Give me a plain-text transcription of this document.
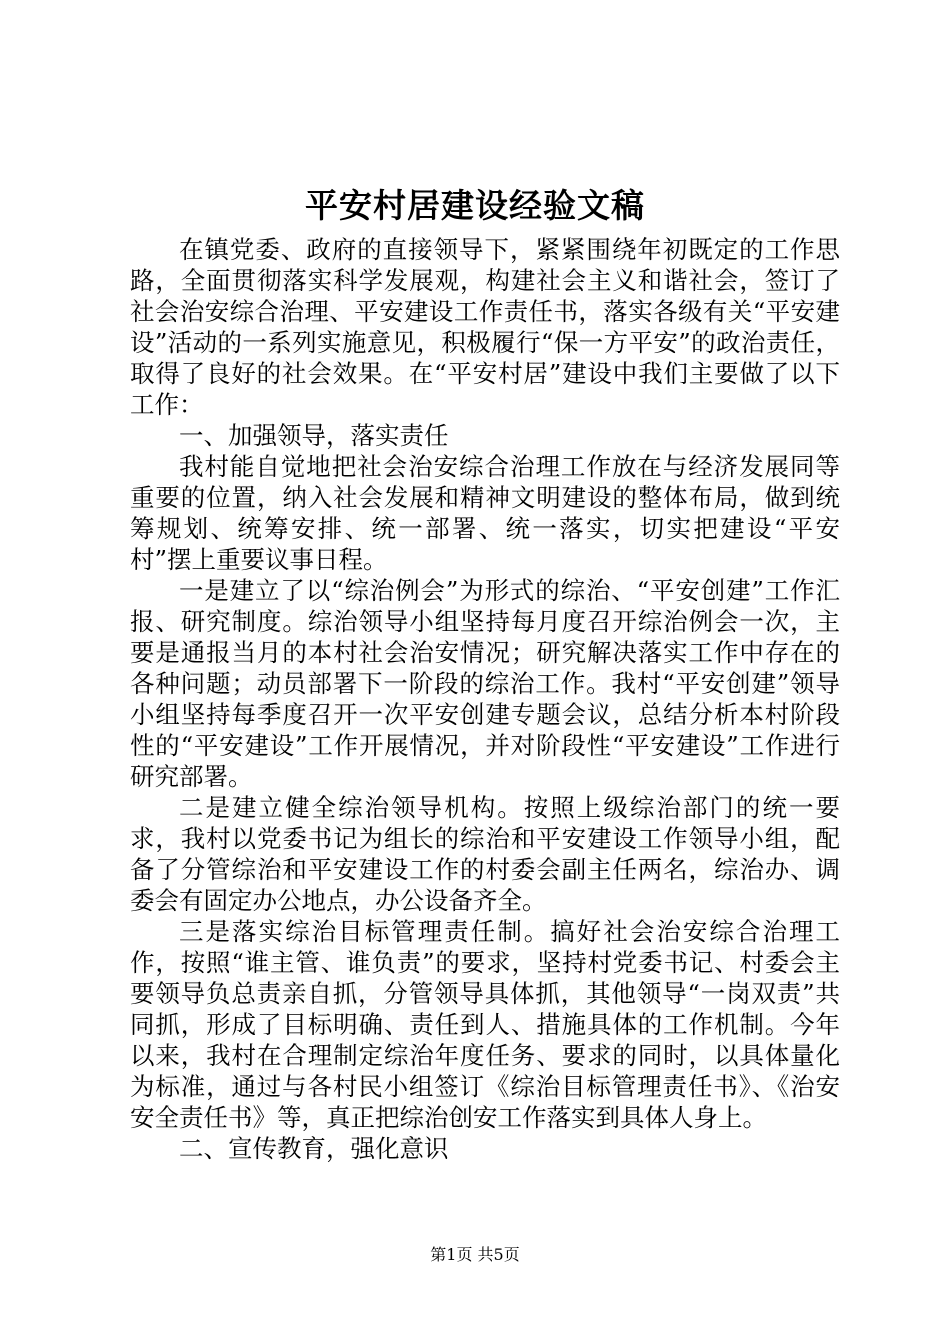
平安村居建设经验文稿

在镇党委、政府的直接领导下，紧紧围绕年初既定的工作思路，全面贯彻落实科学发展观，构建社会主义和谐社会，签订了社会治安综合治理、平安建设工作责任书，落实各级有关“平安建设”活动的一系列实施意见，积极履行“保一方平安”的政治责任，取得了良好的社会效果。在“平安村居”建设中我们主要做了以下工作：

一、加强领导，落实责任

我村能自觉地把社会治安综合治理工作放在与经济发展同等重要的位置，纳入社会发展和精神文明建设的整体布局，做到统筹规划、统筹安排、统一部署、统一落实，切实把建设“平安村”摆上重要议事日程。

一是建立了以“综治例会”为形式的综治、“平安创建”工作汇报、研究制度。综治领导小组坚持每月度召开综治例会一次，主要是通报当月的本村社会治安情况；研究解决落实工作中存在的各种问题；动员部署下一阶段的综治工作。我村“平安创建”领导小组坚持每季度召开一次平安创建专题会议，总结分析本村阶段性的“平安建设”工作开展情况，并对阶段性“平安建设”工作进行研究部署。

二是建立健全综治领导机构。按照上级综治部门的统一要求，我村以党委书记为组长的综治和平安建设工作领导小组，配备了分管综治和平安建设工作的村委会副主任两名，综治办、调委会有固定办公地点，办公设备齐全。

三是落实综治目标管理责任制。搞好社会治安综合治理工作，按照“谁主管、谁负责”的要求，坚持村党委书记、村委会主要领导负总责亲自抓，分管领导具体抓，其他领导“一岗双责”共同抓，形成了目标明确、责任到人、措施具体的工作机制。今年以来，我村在合理制定综治年度任务、要求的同时，以具体量化为标准，通过与各村民小组签订《综治目标管理责任书》、《治安安全责任书》等，真正把综治创安工作落实到具体人身上。

二、宣传教育，强化意识

第1页 共5页
